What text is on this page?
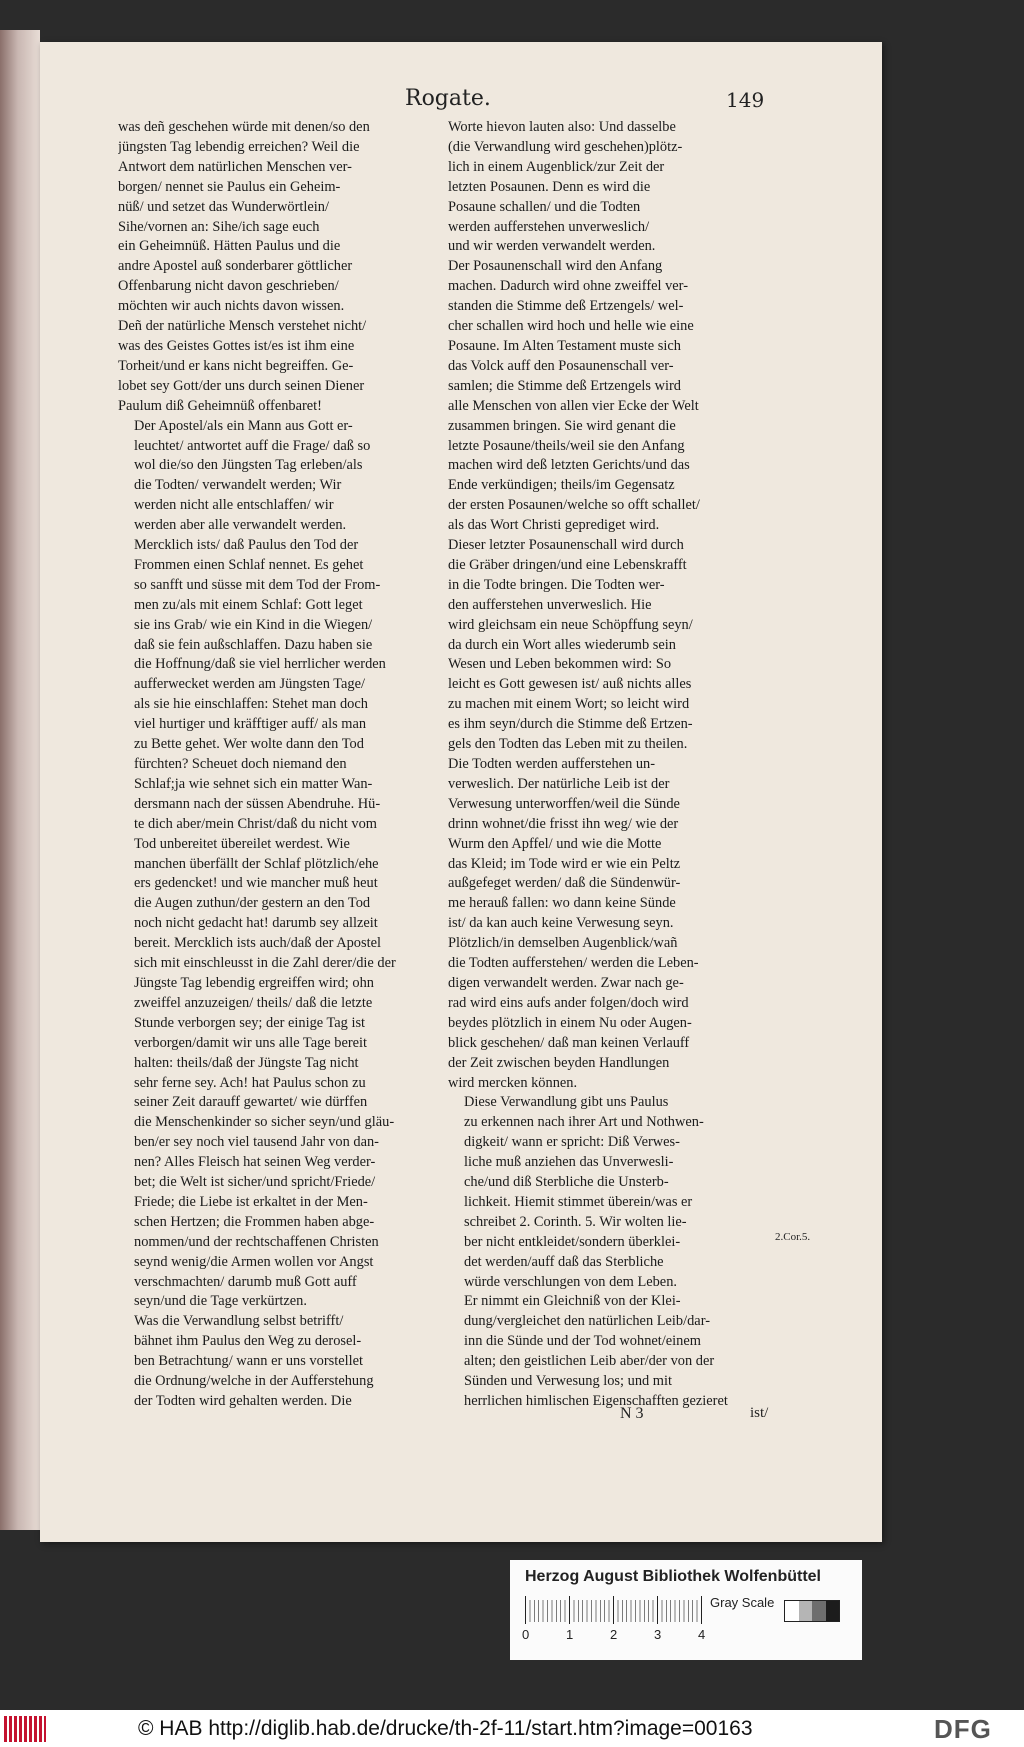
Rogate.	149

was deñ geschehen würde mit denen/so den
jüngsten Tag lebendig erreichen? Weil die
Antwort dem natürlichen Menschen ver-
borgen/ nennet sie Paulus ein Geheim-
nüß/ und setzet das Wunderwörtlein/
Sihe/vornen an: Sihe/ich sage euch
ein Geheimnüß. Hätten Paulus und die
andre Apostel auß sonderbarer göttlicher
Offenbarung nicht davon geschrieben/
möchten wir auch nichts davon wissen.
Deñ der natürliche Mensch verstehet nicht/
was des Geistes Gottes ist/es ist ihm eine
Torheit/und er kans nicht begreiffen. Ge-
lobet sey Gott/der uns durch seinen Diener
Paulum diß Geheimnüß offenbaret!

Der Apostel/als ein Mann aus Gott er-
leuchtet/ antwortet auff die Frage/ daß so
wol die/so den Jüngsten Tag erleben/als
die Todten/ verwandelt werden; Wir
werden nicht alle entschlaffen/ wir
werden aber alle verwandelt werden.
Mercklich ists/ daß Paulus den Tod der
Frommen einen Schlaf nennet. Es gehet
so sanfft und süsse mit dem Tod der From-
men zu/als mit einem Schlaf: Gott leget
sie ins Grab/ wie ein Kind in die Wiegen/
daß sie fein außschlaffen. Dazu haben sie
die Hoffnung/daß sie viel herrlicher werden
aufferwecket werden am Jüngsten Tage/
als sie hie einschlaffen: Stehet man doch
viel hurtiger und kräfftiger auff/ als man
zu Bette gehet. Wer wolte dann den Tod
fürchten? Scheuet doch niemand den
Schlaf;ja wie sehnet sich ein matter Wan-
dersmann nach der süssen Abendruhe. Hü-
te dich aber/mein Christ/daß du nicht vom
Tod unbereitet übereilet werdest. Wie
manchen überfällt der Schlaf plötzlich/ehe
ers gedencket! und wie mancher muß heut
die Augen zuthun/der gestern an den Tod
noch nicht gedacht hat! darumb sey allzeit
bereit. Mercklich ists auch/daß der Apostel
sich mit einschleusst in die Zahl derer/die der
Jüngste Tag lebendig ergreiffen wird; ohn
zweiffel anzuzeigen/ theils/ daß die letzte
Stunde verborgen sey; der einige Tag ist
verborgen/damit wir uns alle Tage bereit
halten: theils/daß der Jüngste Tag nicht
sehr ferne sey. Ach! hat Paulus schon zu
seiner Zeit darauff gewartet/ wie dürffen
die Menschenkinder so sicher seyn/und gläu-
ben/er sey noch viel tausend Jahr von dan-
nen? Alles Fleisch hat seinen Weg verder-
bet; die Welt ist sicher/und spricht/Friede/
Friede; die Liebe ist erkaltet in der Men-
schen Hertzen; die Frommen haben abge-
nommen/und der rechtschaffenen Christen
seynd wenig/die Armen wollen vor Angst
verschmachten/ darumb muß Gott auff
seyn/und die Tage verkürtzen.

Was die Verwandlung selbst betrifft/
bähnet ihm Paulus den Weg zu derosel-
ben Betrachtung/ wann er uns vorstellet
die Ordnung/welche in der Aufferstehung
der Todten wird gehalten werden. Die

Worte hievon lauten also: Und dasselbe
(die Verwandlung wird geschehen)plötz-
lich in einem Augenblick/zur Zeit der
letzten Posaunen. Denn es wird die
Posaune schallen/ und die Todten
werden aufferstehen unverweslich/
und wir werden verwandelt werden.
Der Posaunenschall wird den Anfang
machen. Dadurch wird ohne zweiffel ver-
standen die Stimme deß Ertzengels/ wel-
cher schallen wird hoch und helle wie eine
Posaune. Im Alten Testament muste sich
das Volck auff den Posaunenschall ver-
samlen; die Stimme deß Ertzengels wird
alle Menschen von allen vier Ecke der Welt
zusammen bringen. Sie wird genant die
letzte Posaune/theils/weil sie den Anfang
machen wird deß letzten Gerichts/und das
Ende verkündigen; theils/im Gegensatz
der ersten Posaunen/welche so offt schallet/
als das Wort Christi geprediget wird.
Dieser letzter Posaunenschall wird durch
die Gräber dringen/und eine Lebenskrafft
in die Todte bringen. Die Todten wer-
den aufferstehen unverweslich. Hie
wird gleichsam ein neue Schöpffung seyn/
da durch ein Wort alles wiederumb sein
Wesen und Leben bekommen wird: So
leicht es Gott gewesen ist/ auß nichts alles
zu machen mit einem Wort; so leicht wird
es ihm seyn/durch die Stimme deß Ertzen-
gels den Todten das Leben mit zu theilen.
Die Todten werden aufferstehen un-
verweslich. Der natürliche Leib ist der
Verwesung unterworffen/weil die Sünde
drinn wohnet/die frisst ihn weg/ wie der
Wurm den Apffel/ und wie die Motte
das Kleid; im Tode wird er wie ein Peltz
außgefeget werden/ daß die Sündenwür-
me herauß fallen: wo dann keine Sünde
ist/ da kan auch keine Verwesung seyn.
Plötzlich/in demselben Augenblick/wañ
die Todten aufferstehen/ werden die Leben-
digen verwandelt werden. Zwar nach ge-
rad wird eins aufs ander folgen/doch wird
beydes plötzlich in einem Nu oder Augen-
blick geschehen/ daß man keinen Verlauff
der Zeit zwischen beyden Handlungen
wird mercken können.

Diese Verwandlung gibt uns Paulus
zu erkennen nach ihrer Art und Nothwen-
digkeit/ wann er spricht: Diß Verwes-
liche muß anziehen das Unverwesli-
che/und diß Sterbliche die Unsterb-
lichkeit. Hiemit stimmet überein/was er
schreibet 2. Corinth. 5. Wir wolten lie-
ber nicht entkleidet/sondern überklei-
det werden/auff daß das Sterbliche
würde verschlungen von dem Leben.
Er nimmt ein Gleichniß von der Klei-
dung/vergleichet den natürlichen Leib/dar-
inn die Sünde und der Tod wohnet/einem
alten; den geistlichen Leib aber/der von der
Sünden und Verwesung los; und mit
herrlichen himlischen Eigenschafften gezieret

2.Cor.5.
N 3	ist/
Herzog August Bibliothek Wolfenbüttel
0	1	2	3	4
Gray Scale
© HAB http://diglib.hab.de/drucke/th-2f-11/start.htm?image=00163	DFG
